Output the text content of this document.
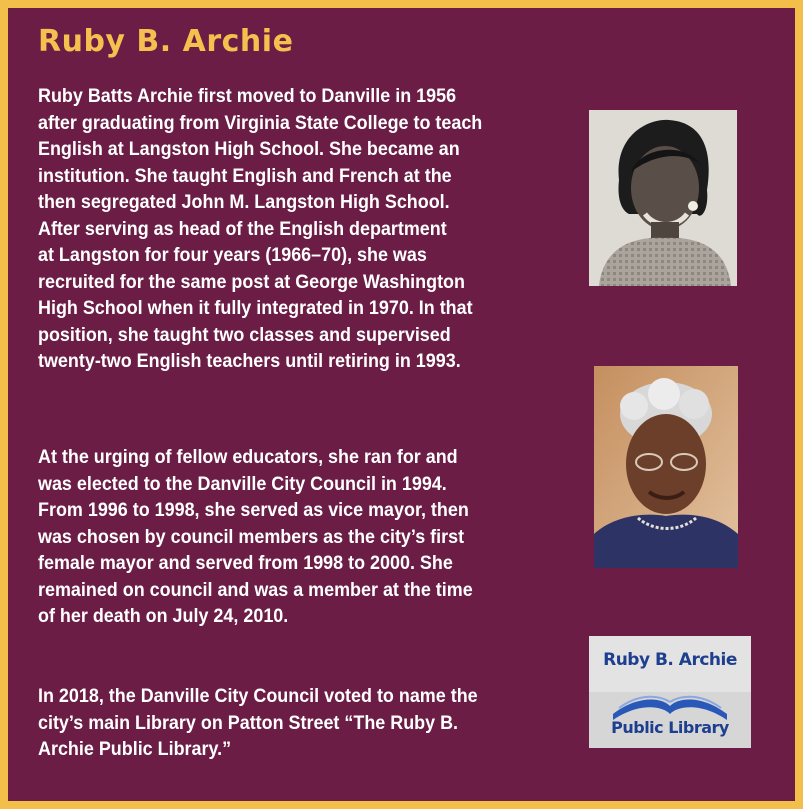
Ruby B. Archie

Ruby Batts Archie first moved to Danville in 1956
after graduating from Virginia State College to teach
English at Langston High School. She became an
institution. She taught English and French at the
then segregated John M. Langston High School.
After serving as head of the English department
at Langston for four years (1966–70), she was
recruited for the same post at George Washington
High School when it fully integrated in 1970. In that
position, she taught two classes and supervised
twenty-two English teachers until retiring in 1993.

At the urging of fellow educators, she ran for and
was elected to the Danville City Council in 1994.
From 1996 to 1998, she served as vice mayor, then
was chosen by council members as the city’s first
female mayor and served from 1998 to 2000. She
remained on council and was a member at the time
of her death on July 24, 2010.

In 2018, the Danville City Council voted to name the
city’s main Library on Patton Street “The Ruby B.
Archie Public Library.”

Ruby B. Archie
Public Library
